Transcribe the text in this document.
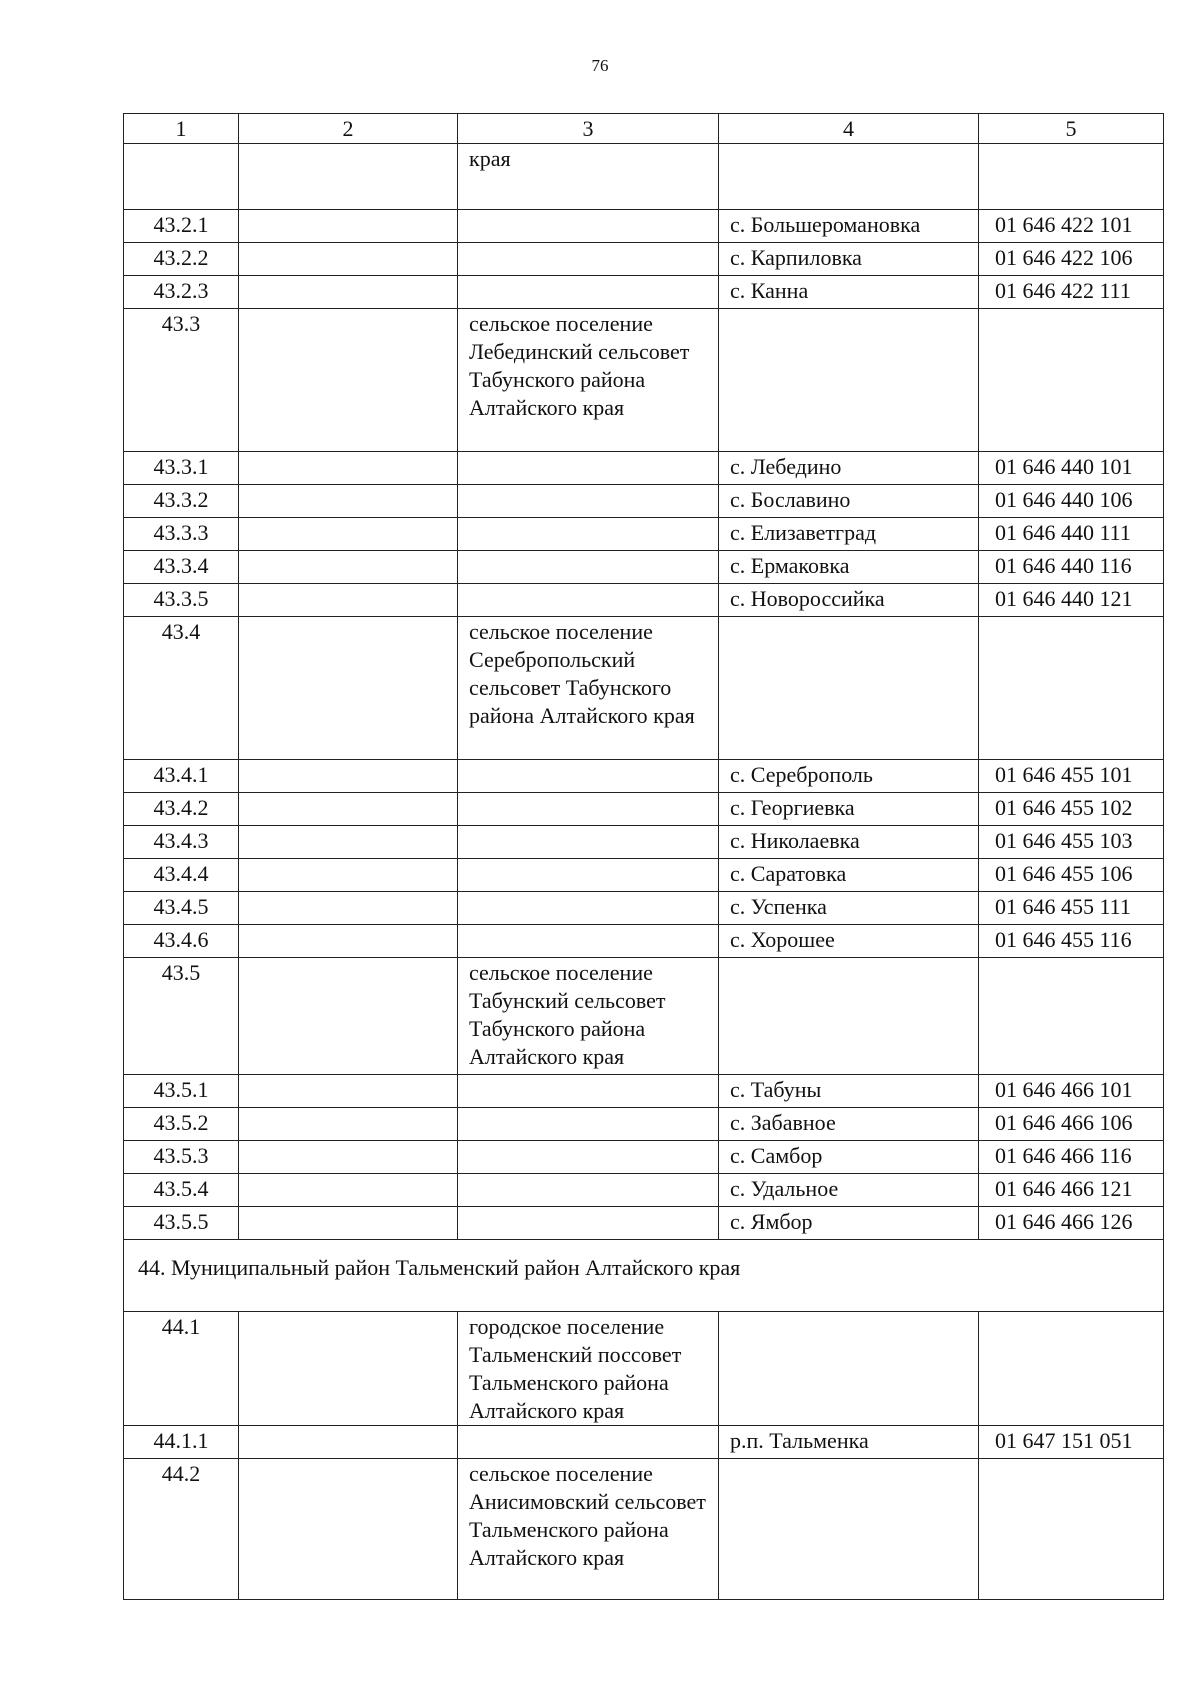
76
1	2	3	4	5
		края		
43.2.1			с. Большеромановка	01 646 422 101
43.2.2			с. Карпиловка	01 646 422 106
43.2.3			с. Канна	01 646 422 111
43.3		сельское поселение Лебединский сельсовет Табунского района Алтайского края		
43.3.1			с. Лебедино	01 646 440 101
43.3.2			с. Бославино	01 646 440 106
43.3.3			с. Елизаветград	01 646 440 111
43.3.4			с. Ермаковка	01 646 440 116
43.3.5			с. Новороссийка	01 646 440 121
43.4		сельское поселение Серебропольский сельсовет Табунского района Алтайского края		
43.4.1			с. Сереброполь	01 646 455 101
43.4.2			с. Георгиевка	01 646 455 102
43.4.3			с. Николаевка	01 646 455 103
43.4.4			с. Саратовка	01 646 455 106
43.4.5			с. Успенка	01 646 455 111
43.4.6			с. Хорошее	01 646 455 116
43.5		сельское поселение Табунский сельсовет Табунского района Алтайского края		
43.5.1			с. Табуны	01 646 466 101
43.5.2			с. Забавное	01 646 466 106
43.5.3			с. Самбор	01 646 466 116
43.5.4			с. Удальное	01 646 466 121
43.5.5			с. Ямбор	01 646 466 126
44. Муниципальный район Тальменский район Алтайского края				
44.1		городское поселение Тальменский поссовет Тальменского района Алтайского края		
44.1.1			р.п. Тальменка	01 647 151 051
44.2		сельское поселение Анисимовский сельсовет Тальменского района Алтайского края		
